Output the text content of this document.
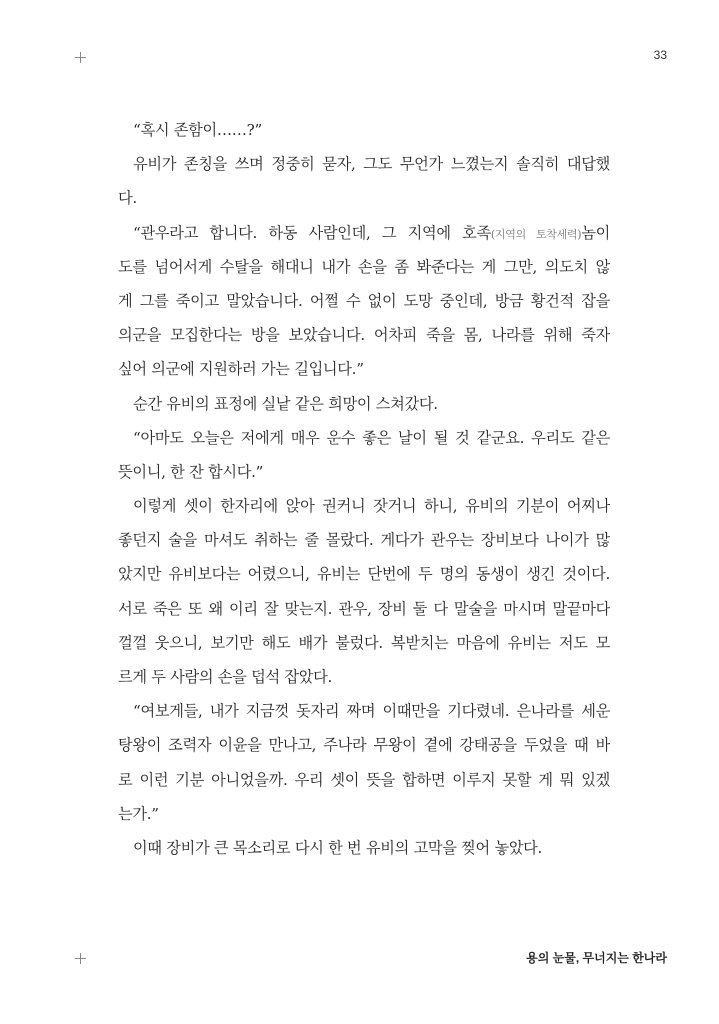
33
용의 눈물, 무너지는 한나라
“혹시 존함이……?”
유비가 존칭을 쓰며 정중히 묻자, 그도 무언가 느꼈는지 솔직히 대답했
다.
“관우라고 합니다. 하동 사람인데, 그 지역에 호족(지역의 토착세력)놈이
도를 넘어서게 수탈을 해대니 내가 손을 좀 봐준다는 게 그만, 의도치 않
게 그를 죽이고 말았습니다. 어쩔 수 없이 도망 중인데, 방금 황건적 잡을
의군을 모집한다는 방을 보았습니다. 어차피 죽을 몸, 나라를 위해 죽자
싶어 의군에 지원하러 가는 길입니다.”
순간 유비의 표정에 실낱 같은 희망이 스쳐갔다.
“아마도 오늘은 저에게 매우 운수 좋은 날이 될 것 같군요. 우리도 같은
뜻이니, 한 잔 합시다.”
이렇게 셋이 한자리에 앉아 권커니 잣거니 하니, 유비의 기분이 어찌나
좋던지 술을 마셔도 취하는 줄 몰랐다. 게다가 관우는 장비보다 나이가 많
았지만 유비보다는 어렸으니, 유비는 단번에 두 명의 동생이 생긴 것이다.
서로 죽은 또 왜 이리 잘 맞는지. 관우, 장비 둘 다 말술을 마시며 말끝마다
껄껄 웃으니, 보기만 해도 배가 불렀다. 복받치는 마음에 유비는 저도 모
르게 두 사람의 손을 덥석 잡았다.
“여보게들, 내가 지금껏 돗자리 짜며 이때만을 기다렸네. 은나라를 세운
탕왕이 조력자 이윤을 만나고, 주나라 무왕이 곁에 강태공을 두었을 때 바
로 이런 기분 아니었을까. 우리 셋이 뜻을 합하면 이루지 못할 게 뭐 있겠
는가.”
이때 장비가 큰 목소리로 다시 한 번 유비의 고막을 찢어 놓았다.
